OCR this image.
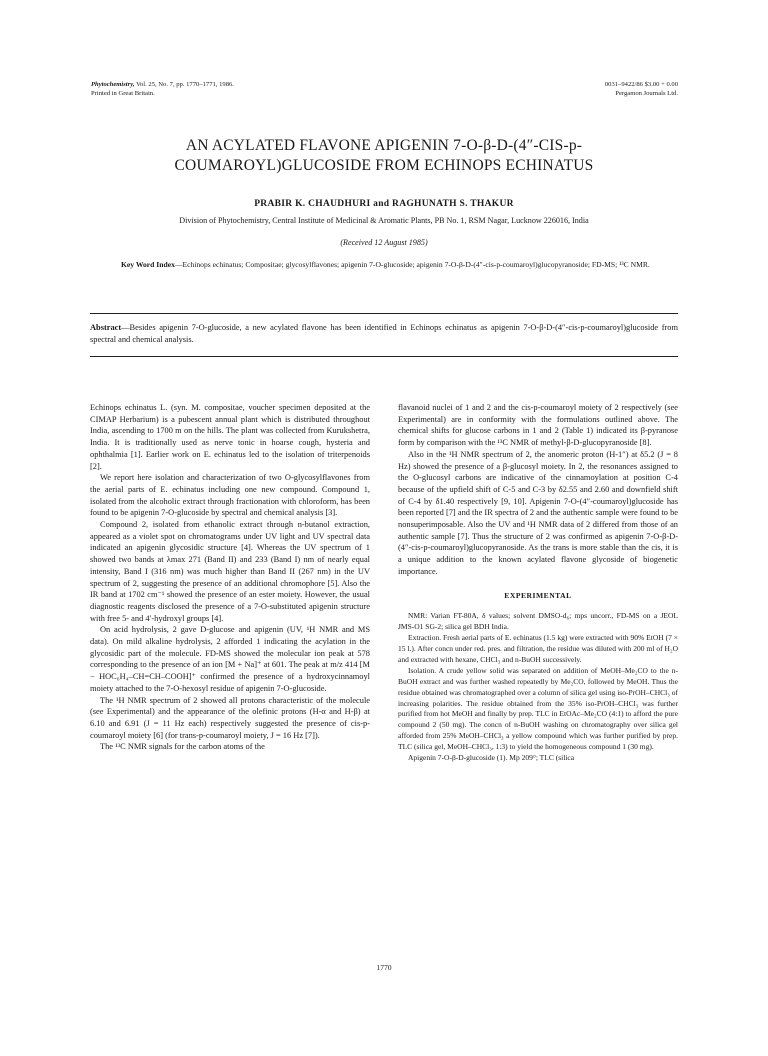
Phytochemistry, Vol. 25, No. 7, pp. 1770–1771, 1986.
Printed in Great Britain.
0031–9422/86 $3.00 + 0.00
Pergamon Journals Ltd.
AN ACYLATED FLAVONE APIGENIN 7-O-β-D-(4″-CIS-p-
COUMAROYL)GLUCOSIDE FROM ECHINOPS ECHINATUS
PRABIR K. CHAUDHURI and RAGHUNATH S. THAKUR
Division of Phytochemistry, Central Institute of Medicinal & Aromatic Plants, PB No. 1, RSM Nagar, Lucknow 226016, India
(Received 12 August 1985)
Key Word Index—Echinops echinatus; Compositae; glycosylflavones; apigenin 7-O-glucoside; apigenin 7-O-β-D-(4″-cis-p-coumaroyl)glucopyranoside; FD-MS; ¹³C NMR.
Abstract—Besides apigenin 7-O-glucoside, a new acylated flavone has been identified in Echinops echinatus as apigenin 7-O-β-D-(4″-cis-p-coumaroyl)glucoside from spectral and chemical analysis.

Echinops echinatus L. (syn. M. compositae, voucher specimen deposited at the CIMAP Herbarium) is a pubescent annual plant which is distributed throughout India, ascending to 1700 m on the hills. The plant was collected from Kurukshetra, India. It is traditionally used as nerve tonic in hoarse cough, hysteria and ophthalmia [1]. Earlier work on E. echinatus led to the isolation of triterpenoids [2].

We report here isolation and characterization of two O-glycosylflavones from the aerial parts of E. echinatus including one new compound. Compound 1, isolated from the alcoholic extract through fractionation with chloroform, has been found to be apigenin 7-O-glucoside by spectral and chemical analysis [3].

Compound 2, isolated from ethanolic extract through n-butanol extraction, appeared as a violet spot on chromatograms under UV light and UV spectral data indicated an apigenin glycosidic structure [4]. Whereas the UV spectrum of 1 showed two bands at λmax 271 (Band II) and 233 (Band I) nm of nearly equal intensity, Band I (316 nm) was much higher than Band II (267 nm) in the UV spectrum of 2, suggesting the presence of an additional chromophore [5]. Also the IR band at 1702 cm⁻¹ showed the presence of an ester moiety. However, the usual diagnostic reagents disclosed the presence of a 7-O-substituted apigenin structure with free 5- and 4′-hydroxyl groups [4].

On acid hydrolysis, 2 gave D-glucose and apigenin (UV, ¹H NMR and MS data). On mild alkaline hydrolysis, 2 afforded 1 indicating the acylation in the glycosidic part of the molecule. FD-MS showed the molecular ion peak at 578 corresponding to the presence of an ion [M + Na]⁺ at 601. The peak at m/z 414 [M − HOC₆H₄–CH=CH–COOH]⁺ confirmed the presence of a hydroxycinnamoyl moiety attached to the 7-O-hexosyl residue of apigenin 7-O-glucoside.

The ¹H NMR spectrum of 2 showed all protons characteristic of the molecule (see Experimental) and the appearance of the olefinic protons (H-α and H-β) at 6.10 and 6.91 (J = 11 Hz each) respectively suggested the presence of cis-p-coumaroyl moiety [6] (for trans-p-coumaroyl moiety, J = 16 Hz [7]).

The ¹³C NMR signals for the carbon atoms of the

flavanoid nuclei of 1 and 2 and the cis-p-coumaroyl moiety of 2 respectively (see Experimental) are in conformity with the formulations outlined above. The chemical shifts for glucose carbons in 1 and 2 (Table 1) indicated its β-pyranose form by comparison with the ¹³C NMR of methyl-β-D-glucopyranoside [8].

Also in the ¹H NMR spectrum of 2, the anomeric proton (H-1″) at δ5.2 (J = 8 Hz) showed the presence of a β-glucosyl moiety. In 2, the resonances assigned to the O-glucosyl carbons are indicative of the cinnamoylation at position C-4 because of the upfield shift of C-5 and C-3 by δ2.55 and 2.60 and downfield shift of C-4 by δ1.40 respectively [9, 10]. Apigenin 7-O-(4″-coumaroyl)glucoside has been reported [7] and the IR spectra of 2 and the authentic sample were found to be nonsuperimposable. Also the UV and ¹H NMR data of 2 differed from those of an authentic sample [7]. Thus the structure of 2 was confirmed as apigenin 7-O-β-D-(4″-cis-p-coumaroyl)glucopyranoside. As the trans is more stable than the cis, it is a unique addition to the known acylated flavone glycoside of biogenetic importance.

EXPERIMENTAL

NMR: Varian FT-80A, δ values; solvent DMSO-d₆; mps uncorr., FD-MS on a JEOL JMS-O1 SG-2; silica gel BDH India.

Extraction. Fresh aerial parts of E. echinatus (1.5 kg) were extracted with 90% EtOH (7 × 15 l.). After concn under red. pres. and filtration, the residue was diluted with 200 ml of H₂O and extracted with hexane, CHCl₃ and n-BuOH successively.

Isolation. A crude yellow solid was separated on addition of MeOH–Me₂CO to the n-BuOH extract and was further washed repeatedly by Me₂CO, followed by MeOH. Thus the residue obtained was chromatographed over a column of silica gel using iso-PrOH–CHCl₃ of increasing polarities. The residue obtained from the 35% iso-PrOH–CHCl₃ was further purified from hot MeOH and finally by prep. TLC in EtOAc–Me₂CO (4:1) to afford the pure compound 2 (50 mg). The concn of n-BuOH washing on chromatography over silica gel afforded from 25% MeOH–CHCl₃ a yellow compound which was further purified by prep. TLC (silica gel, MeOH–CHCl₃, 1:3) to yield the homogeneous compound 1 (30 mg).

Apigenin 7-O-β-D-glucoside (1). Mp 209°; TLC (silica

1770
